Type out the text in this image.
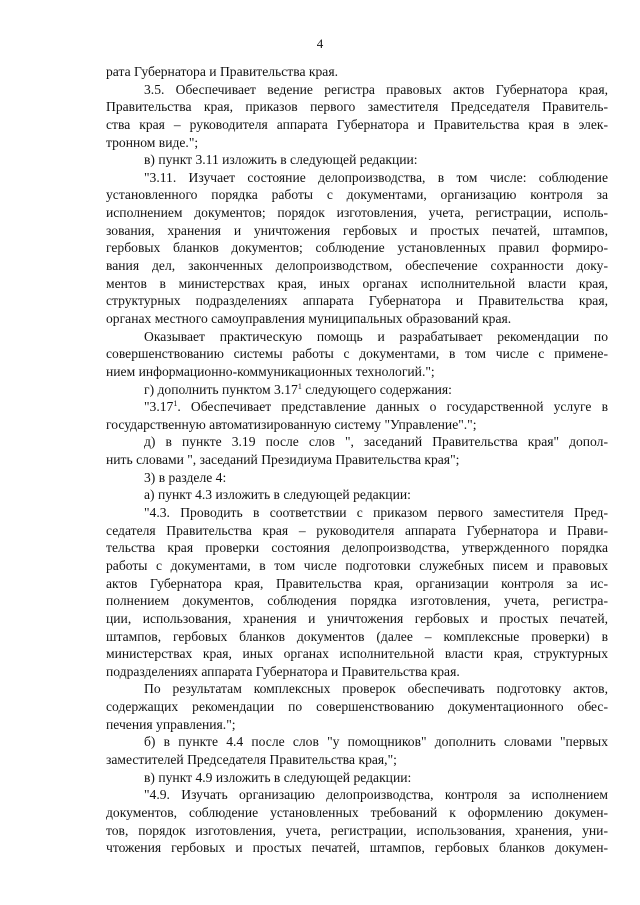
4
рата Губернатора и Правительства края.
3.5. Обеспечивает ведение регистра правовых актов Губернатора края,
Правительства края, приказов первого заместителя Председателя Правитель-
ства края – руководителя аппарата Губернатора и Правительства края в элек-
тронном виде.";
в) пункт 3.11 изложить в следующей редакции:
"3.11. Изучает состояние делопроизводства, в том числе: соблюдение
установленного порядка работы с документами, организацию контроля за
исполнением документов; порядок изготовления, учета, регистрации, исполь-
зования, хранения и уничтожения гербовых и простых печатей, штампов,
гербовых бланков документов; соблюдение установленных правил формиро-
вания дел, законченных делопроизводством, обеспечение сохранности доку-
ментов в министерствах края, иных органах исполнительной власти края,
структурных подразделениях аппарата Губернатора и Правительства края,
органах местного самоуправления муниципальных образований края.
Оказывает практическую помощь и разрабатывает рекомендации по
совершенствованию системы работы с документами, в том числе с примене-
нием информационно-коммуникационных технологий.";
г) дополнить пунктом 3.17$^1$ следующего содержания:
"3.17$^1$. Обеспечивает представление данных о государственной услуге в
государственную автоматизированную систему "Управление".";
д) в пункте 3.19 после слов ", заседаний Правительства края" допол-
нить словами ", заседаний Президиума Правительства края";
3) в разделе 4:
а) пункт 4.3 изложить в следующей редакции:
"4.3. Проводить в соответствии с приказом первого заместителя Пред-
седателя Правительства края – руководителя аппарата Губернатора и Прави-
тельства края проверки состояния делопроизводства, утвержденного порядка
работы с документами, в том числе подготовки служебных писем и правовых
актов Губернатора края, Правительства края, организации контроля за ис-
полнением документов, соблюдения порядка изготовления, учета, регистра-
ции, использования, хранения и уничтожения гербовых и простых печатей,
штампов, гербовых бланков документов (далее – комплексные проверки) в
министерствах края, иных органах исполнительной власти края, структурных
подразделениях аппарата Губернатора и Правительства края.
По результатам комплексных проверок обеспечивать подготовку актов,
содержащих рекомендации по совершенствованию документационного обес-
печения управления.";
б) в пункте 4.4 после слов "у помощников" дополнить словами "первых
заместителей Председателя Правительства края,";
в) пункт 4.9 изложить в следующей редакции:
"4.9. Изучать организацию делопроизводства, контроля за исполнением
документов, соблюдение установленных требований к оформлению докумен-
тов, порядок изготовления, учета, регистрации, использования, хранения, уни-
чтожения гербовых и простых печатей, штампов, гербовых бланков докумен-
